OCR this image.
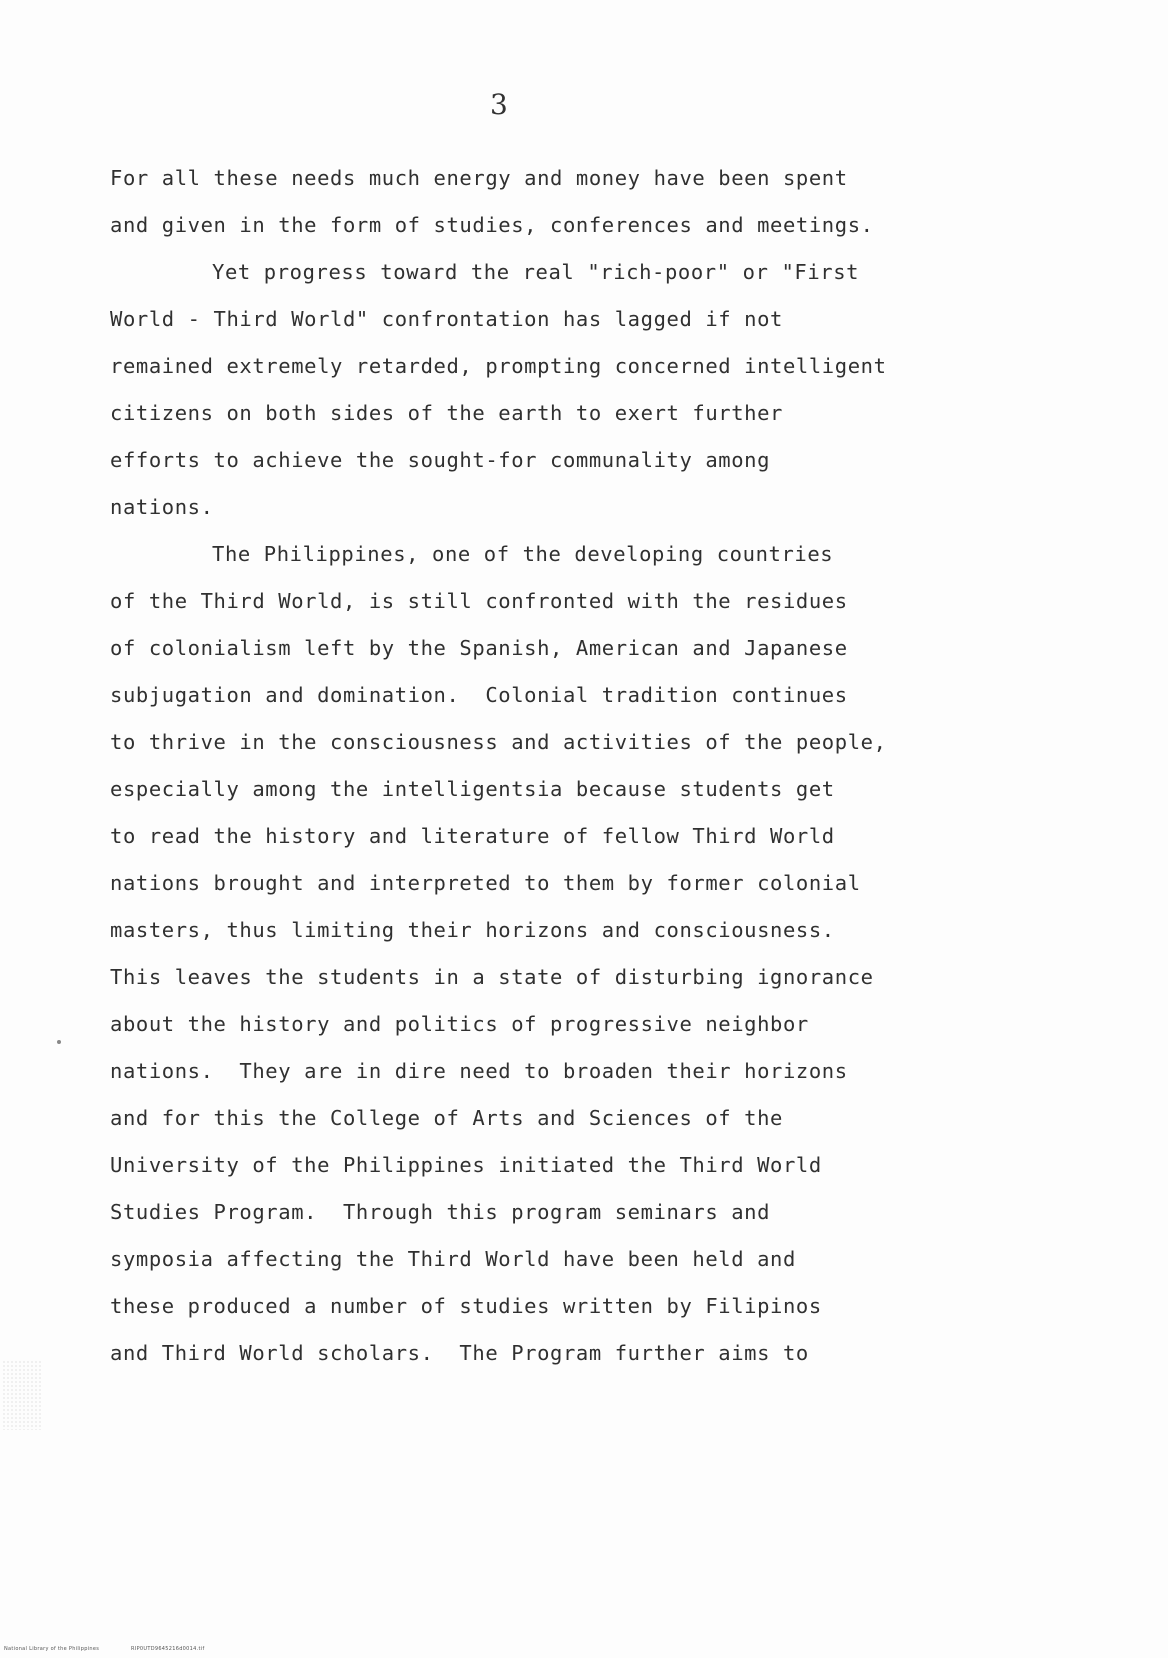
3
For all these needs much energy and money have been spent
and given in the form of studies, conferences and meetings.
Yet progress toward the real "rich-poor" or "First
World - Third World" confrontation has lagged if not
remained extremely retarded, prompting concerned intelligent
citizens on both sides of the earth to exert further
efforts to achieve the sought-for communality among
nations.
The Philippines, one of the developing countries
of the Third World, is still confronted with the residues
of colonialism left by the Spanish, American and Japanese
subjugation and domination.  Colonial tradition continues
to thrive in the consciousness and activities of the people,
especially among the intelligentsia because students get
to read the history and literature of fellow Third World
nations brought and interpreted to them by former colonial
masters, thus limiting their horizons and consciousness.
This leaves the students in a state of disturbing ignorance
about the history and politics of progressive neighbor
nations.  They are in dire need to broaden their horizons
and for this the College of Arts and Sciences of the
University of the Philippines initiated the Third World
Studies Program.  Through this program seminars and
symposia affecting the Third World have been held and
these produced a number of studies written by Filipinos
and Third World scholars.  The Program further aims to
National Library of the Philippines	RIP0UTD9645216d0014.tif
